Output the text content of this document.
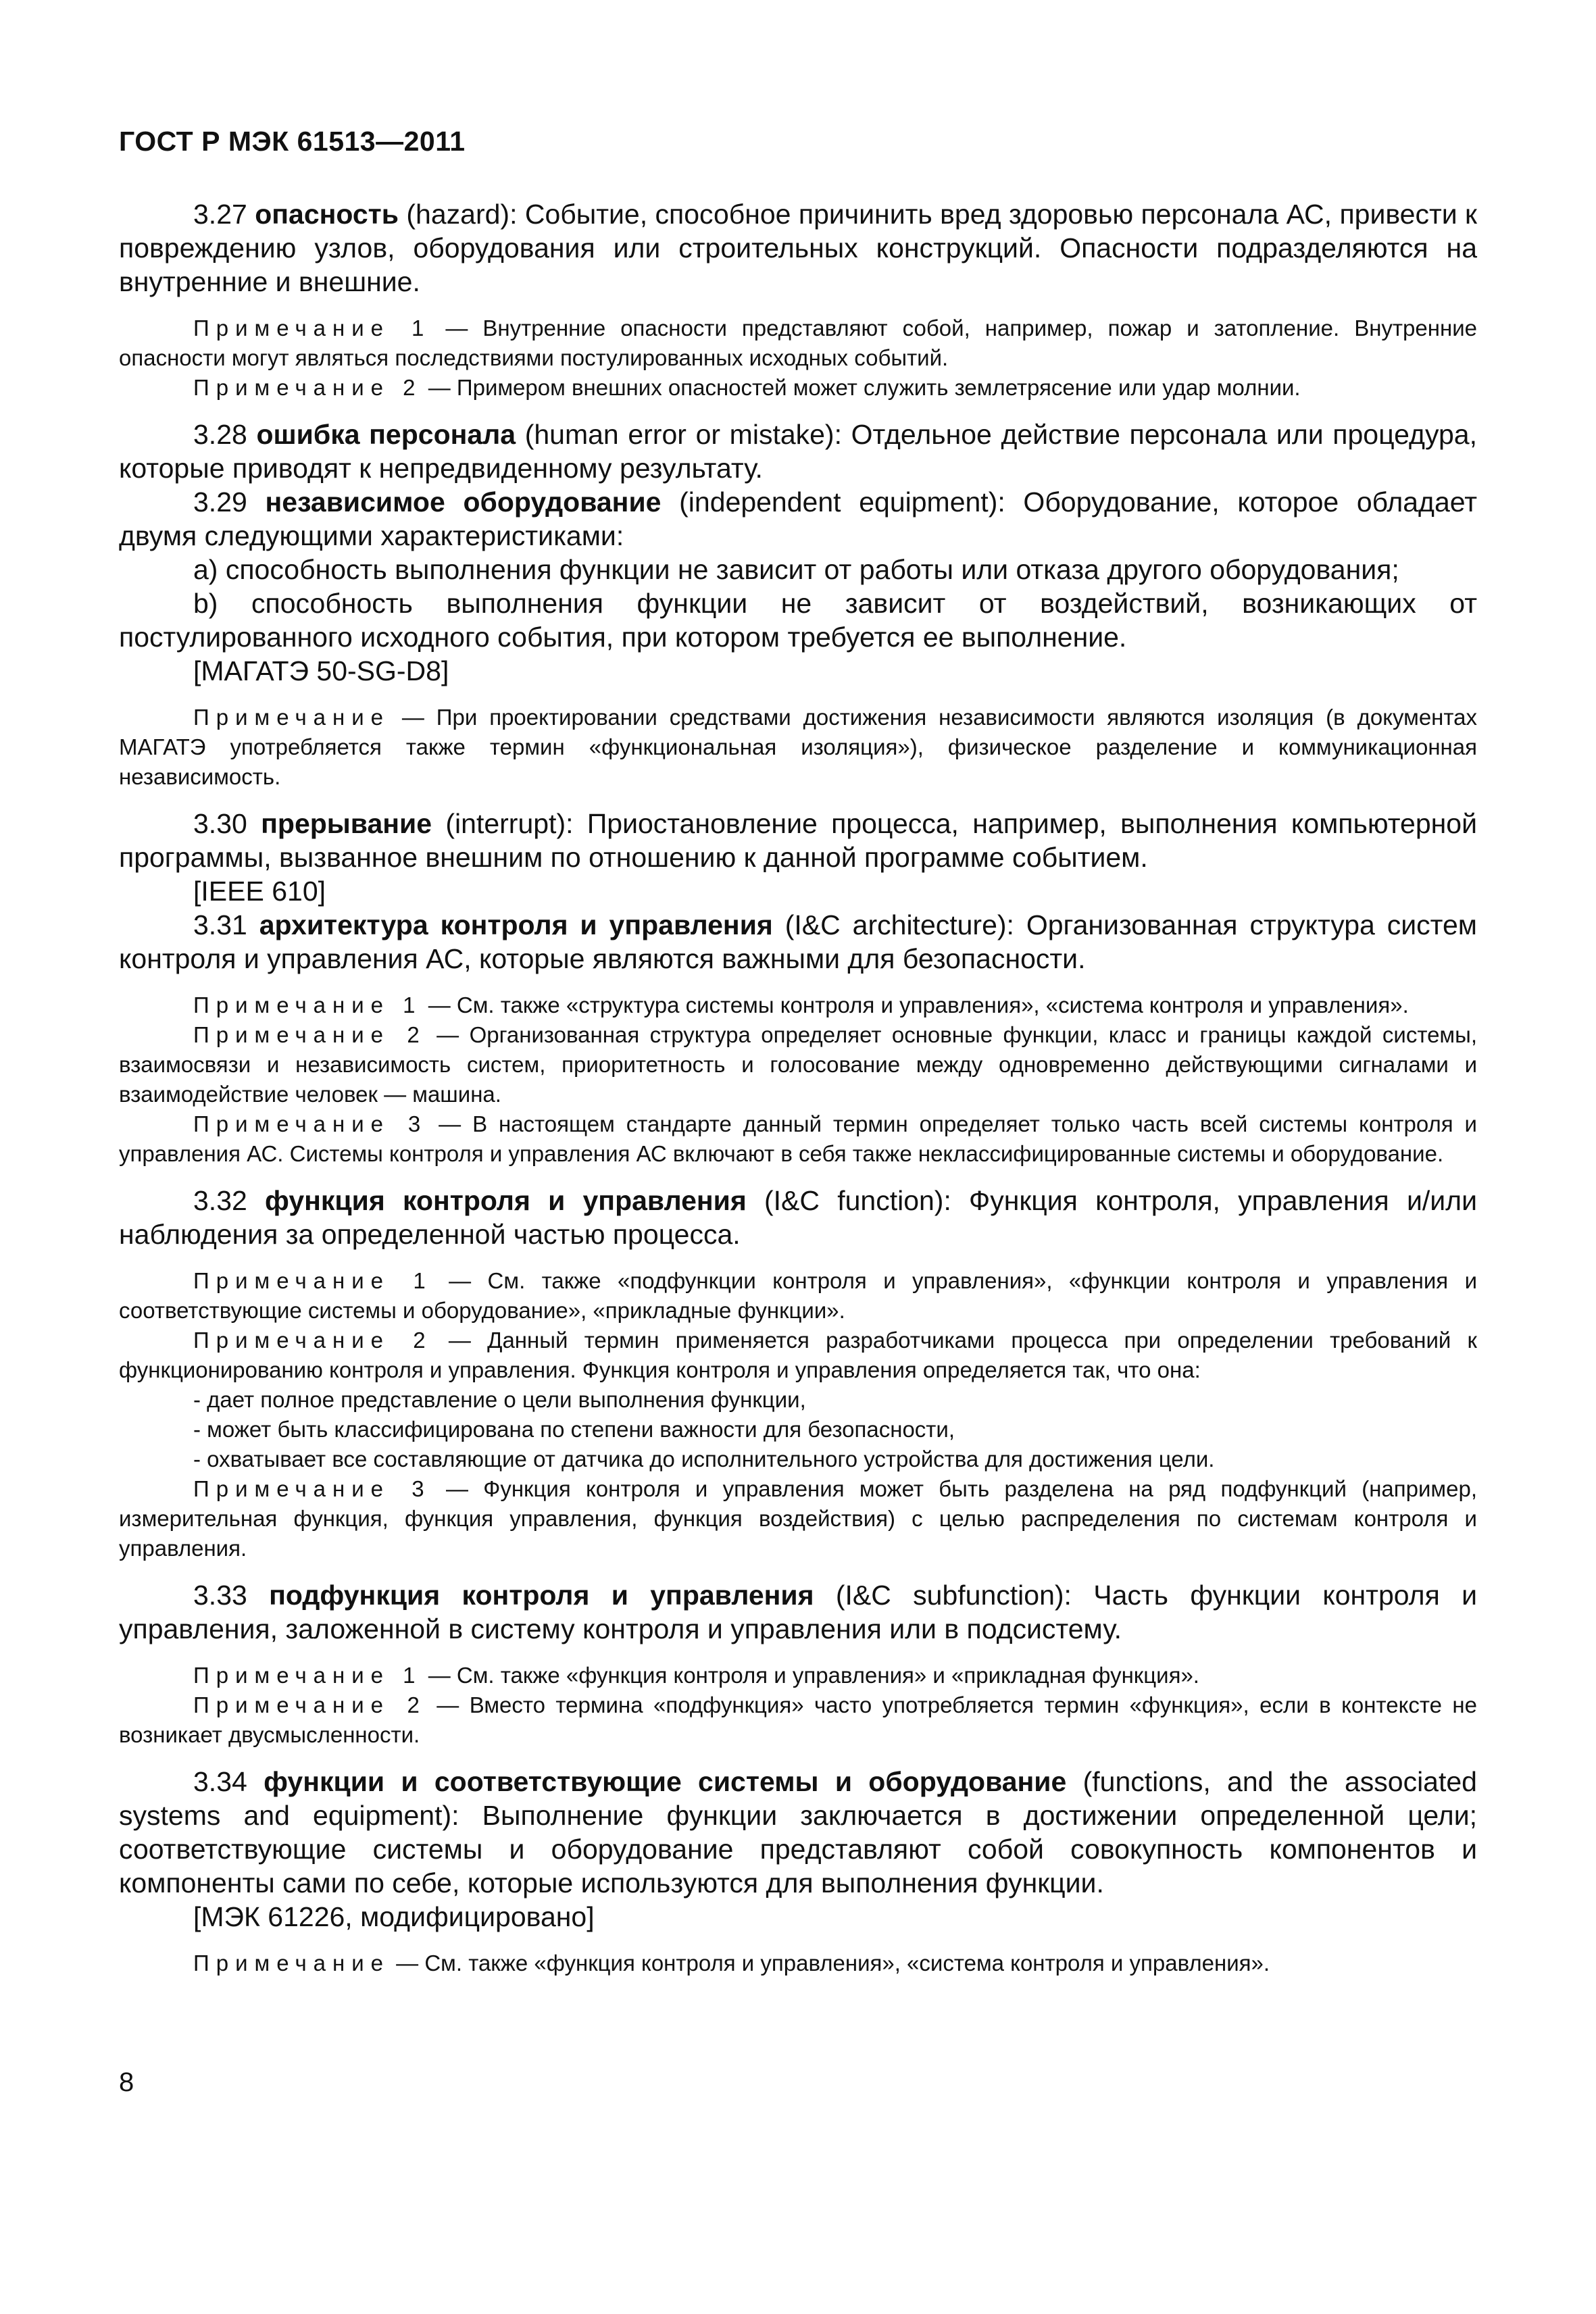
ГОСТ Р МЭК 61513—2011

3.27 опасность (hazard): Событие, способное причинить вред здоровью персонала АС, привести к повреждению узлов, оборудования или строительных конструкций. Опасности подразделяются на внутренние и внешние.

Примечание 1 — Внутренние опасности представляют собой, например, пожар и затопление. Внутренние опасности могут являться последствиями постулированных исходных событий.

Примечание 2 — Примером внешних опасностей может служить землетрясение или удар молнии.

3.28 ошибка персонала (human error or mistake): Отдельное действие персонала или процедура, которые приводят к непредвиденному результату.

3.29 независимое оборудование (independent equipment): Оборудование, которое обладает двумя следующими характеристиками:

a) способность выполнения функции не зависит от работы или отказа другого оборудования;

b) способность выполнения функции не зависит от воздействий, возникающих от постулированного исходного события, при котором требуется ее выполнение.

[МАГАТЭ 50-SG-D8]

Примечание — При проектировании средствами достижения независимости являются изоляция (в документах МАГАТЭ употребляется также термин «функциональная изоляция»), физическое разделение и коммуникационная независимость.

3.30 прерывание (interrupt): Приостановление процесса, например, выполнения компьютерной программы, вызванное внешним по отношению к данной программе событием.

[IEEE 610]

3.31 архитектура контроля и управления (I&C architecture): Организованная структура систем контроля и управления АС, которые являются важными для безопасности.

Примечание 1 — См. также «структура системы контроля и управления», «система контроля и управления».

Примечание 2 — Организованная структура определяет основные функции, класс и границы каждой системы, взаимосвязи и независимость систем, приоритетность и голосование между одновременно действующими сигналами и взаимодействие человек — машина.

Примечание 3 — В настоящем стандарте данный термин определяет только часть всей системы контроля и управления АС. Системы контроля и управления АС включают в себя также неклассифицированные системы и оборудование.

3.32 функция контроля и управления (I&C function): Функция контроля, управления и/или наблюдения за определенной частью процесса.

Примечание 1 — См. также «подфункции контроля и управления», «функции контроля и управления и соответствующие системы и оборудование», «прикладные функции».

Примечание 2 — Данный термин применяется разработчиками процесса при определении требований к функционированию контроля и управления. Функция контроля и управления определяется так, что она:

- дает полное представление о цели выполнения функции,

- может быть классифицирована по степени важности для безопасности,

- охватывает все составляющие от датчика до исполнительного устройства для достижения цели.

Примечание 3 — Функция контроля и управления может быть разделена на ряд подфункций (например, измерительная функция, функция управления, функция воздействия) с целью распределения по системам контроля и управления.

3.33 подфункция контроля и управления (I&C subfunction): Часть функции контроля и управления, заложенной в систему контроля и управления или в подсистему.

Примечание 1 — См. также «функция контроля и управления» и «прикладная функция».

Примечание 2 — Вместо термина «подфункция» часто употребляется термин «функция», если в контексте не возникает двусмысленности.

3.34 функции и соответствующие системы и оборудование (functions, and the associated systems and equipment): Выполнение функции заключается в достижении определенной цели; соответствующие системы и оборудование представляют собой совокупность компонентов и компоненты сами по себе, которые используются для выполнения функции.

[МЭК 61226, модифицировано]

Примечание — См. также «функция контроля и управления», «система контроля и управления».

8
